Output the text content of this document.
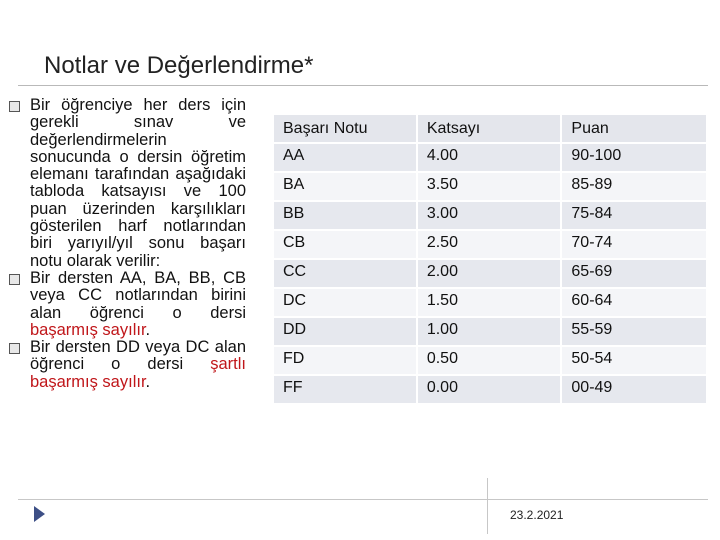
Notlar ve Değerlendirme*
Bir öğrenciye her ders için gerekli sınav ve değerlendirmelerin sonucunda o dersin öğretim elemanı tarafından aşağıdaki tabloda katsayısı ve 100 puan üzerinden karşılıkları gösterilen harf notlarından biri yarıyıl/yıl sonu başarı notu olarak verilir:
Bir dersten AA, BA, BB, CB veya CC notlarından birini alan öğrenci o dersi başarmış sayılır.
Bir dersten DD veya DC alan öğrenci o dersi şartlı başarmış sayılır.
Başarı Notu	Katsayı	Puan
AA	4.00	90-100
BA	3.50	85-89
BB	3.00	75-84
CB	2.50	70-74
CC	2.00	65-69
DC	1.50	60-64
DD	1.00	55-59
FD	0.50	50-54
FF	0.00	00-49
23.2.2021
